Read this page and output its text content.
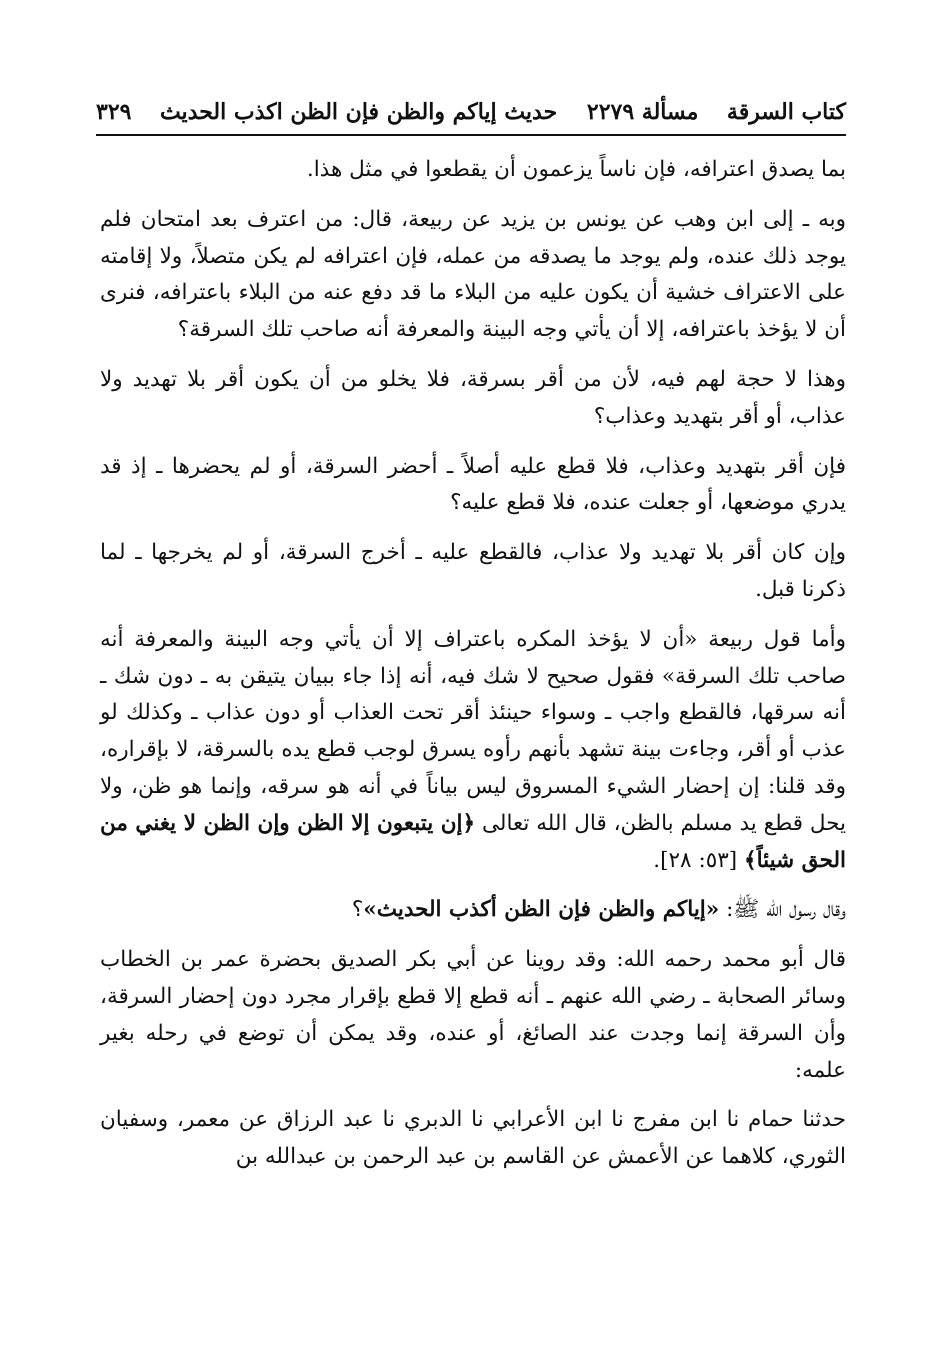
كتاب السرقة
مسألة ٢٢٧٩ حديث إياكم والظن فإن الظن اكذب الحديث
٣٢٩

بما يصدق اعترافه، فإن ناساً يزعمون أن يقطعوا في مثل هذا.

وبه ـ إلى ابن وهب عن يونس بن يزيد عن ربيعة، قال: من اعترف بعد امتحان فلم يوجد ذلك عنده، ولم يوجد ما يصدقه من عمله، فإن اعترافه لم يكن متصلاً، ولا إقامته على الاعتراف خشية أن يكون عليه من البلاء ما قد دفع عنه من البلاء باعترافه، فنرى أن لا يؤخذ باعترافه، إلا أن يأتي وجه البينة والمعرفة أنه صاحب تلك السرقة؟

وهذا لا حجة لهم فيه، لأن من أقر بسرقة، فلا يخلو من أن يكون أقر بلا تهديد ولا عذاب، أو أقر بتهديد وعذاب؟

فإن أقر بتهديد وعذاب، فلا قطع عليه أصلاً ـ أحضر السرقة، أو لم يحضرها ـ إذ قد يدري موضعها، أو جعلت عنده، فلا قطع عليه؟

وإن كان أقر بلا تهديد ولا عذاب، فالقطع عليه ـ أخرج السرقة، أو لم يخرجها ـ لما ذكرنا قبل.

وأما قول ربيعة «أن لا يؤخذ المكره باعتراف إلا أن يأتي وجه البينة والمعرفة أنه صاحب تلك السرقة» فقول صحيح لا شك فيه، أنه إذا جاء ببيان يتيقن به ـ دون شك ـ أنه سرقها، فالقطع واجب ـ وسواء حينئذ أقر تحت العذاب أو دون عذاب ـ وكذلك لو عذب أو أقر، وجاءت بينة تشهد بأنهم رأوه يسرق لوجب قطع يده بالسرقة، لا بإقراره، وقد قلنا: إن إحضار الشيء المسروق ليس بياناً في أنه هو سرقه، وإنما هو ظن، ولا يحل قطع يد مسلم بالظن، قال الله تعالى ﴿إن يتبعون إلا الظن وإن الظن لا يغني من الحق شيئاً﴾ [٥٣: ٢٨].

وقال رسول الله ﷺ: «إياكم والظن فإن الظن أكذب الحديث»؟

قال أبو محمد رحمه الله: وقد روينا عن أبي بكر الصديق بحضرة عمر بن الخطاب وسائر الصحابة ـ رضي الله عنهم ـ أنه قطع إلا قطع بإقرار مجرد دون إحضار السرقة، وأن السرقة إنما وجدت عند الصائغ، أو عنده، وقد يمكن أن توضع في رحله بغير علمه:

حدثنا حمام نا ابن مفرج نا ابن الأعرابي نا الدبري نا عبد الرزاق عن معمر، وسفيان الثوري، كلاهما عن الأعمش عن القاسم بن عبد الرحمن بن عبدالله بن
